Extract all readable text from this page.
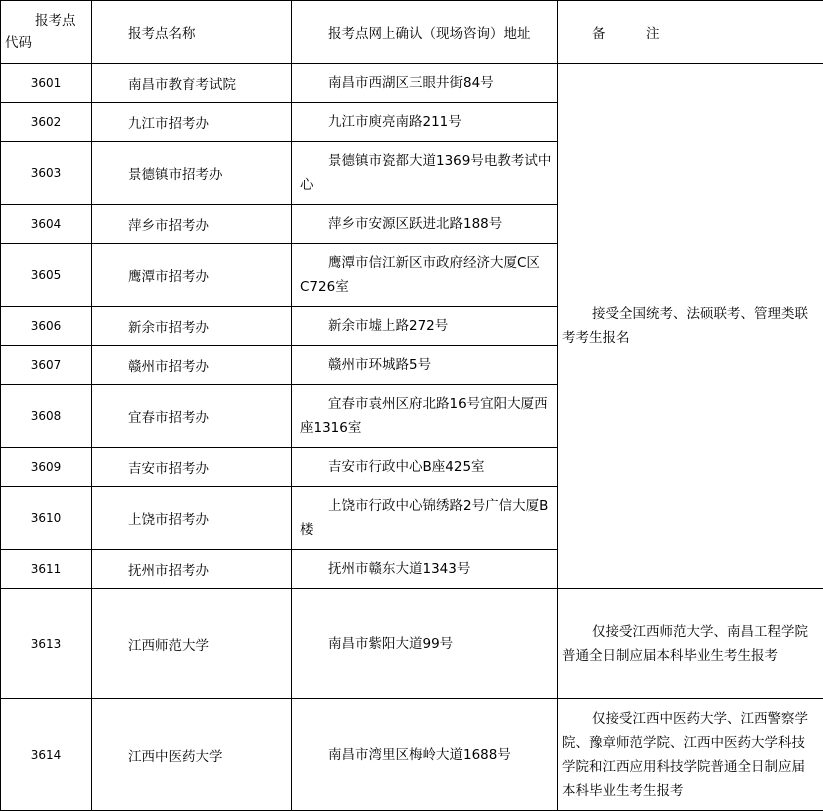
报考点
代码	报考点名称	报考点网上确认（现场咨询）地址	备　　　注
3601	南昌市教育考试院	南昌市西湖区三眼井街84号	接受全国统考、法硕联考、管理类联考考生报名
3602	九江市招考办	九江市庾亮南路211号	
3603	景德镇市招考办	景德镇市瓷都大道1369号电教考试中心	
3604	萍乡市招考办	萍乡市安源区跃进北路188号	
3605	鹰潭市招考办	鹰潭市信江新区市政府经济大厦C区C726室	
3606	新余市招考办	新余市墟上路272号	
3607	赣州市招考办	赣州市环城路5号	
3608	宜春市招考办	宜春市袁州区府北路16号宜阳大厦西座1316室	
3609	吉安市招考办	吉安市行政中心B座425室	
3610	上饶市招考办	上饶市行政中心锦绣路2号广信大厦B楼	
3611	抚州市招考办	抚州市赣东大道1343号	
3613	江西师范大学	南昌市紫阳大道99号	仅接受江西师范大学、南昌工程学院普通全日制应届本科毕业生考生报考
3614	江西中医药大学	南昌市湾里区梅岭大道1688号	仅接受江西中医药大学、江西警察学院、豫章师范学院、江西中医药大学科技学院和江西应用科技学院普通全日制应届本科毕业生考生报考
